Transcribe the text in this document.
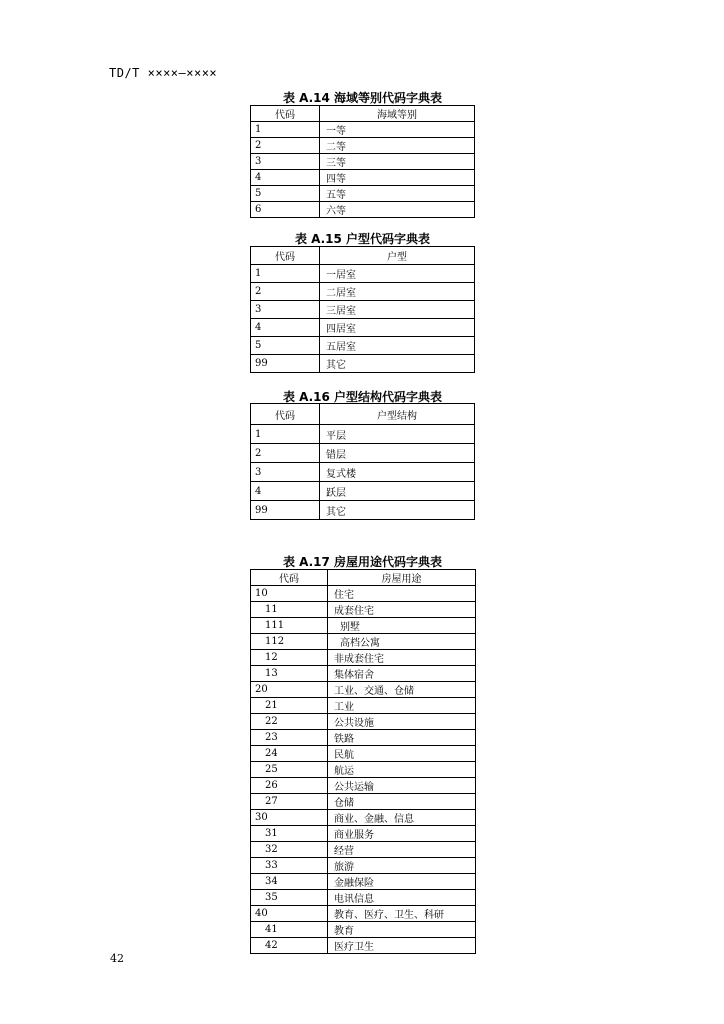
TD/T ××××—××××
表 A.14 海域等别代码字典表
代码	海域等别
1	一等
2	二等
3	三等
4	四等
5	五等
6	六等
表 A.15 户型代码字典表
代码	户型
1	一居室
2	二居室
3	三居室
4	四居室
5	五居室
99	其它
表 A.16 户型结构代码字典表
代码	户型结构
1	平层
2	错层
3	复式楼
4	跃层
99	其它
表 A.17 房屋用途代码字典表
代码	房屋用途
10	住宅
11	成套住宅
111	别墅
112	高档公寓
12	非成套住宅
13	集体宿舍
20	工业、交通、仓储
21	工业
22	公共设施
23	铁路
24	民航
25	航运
26	公共运输
27	仓储
30	商业、金融、信息
31	商业服务
32	经营
33	旅游
34	金融保险
35	电讯信息
40	教育、医疗、卫生、科研
41	教育
42	医疗卫生
42
